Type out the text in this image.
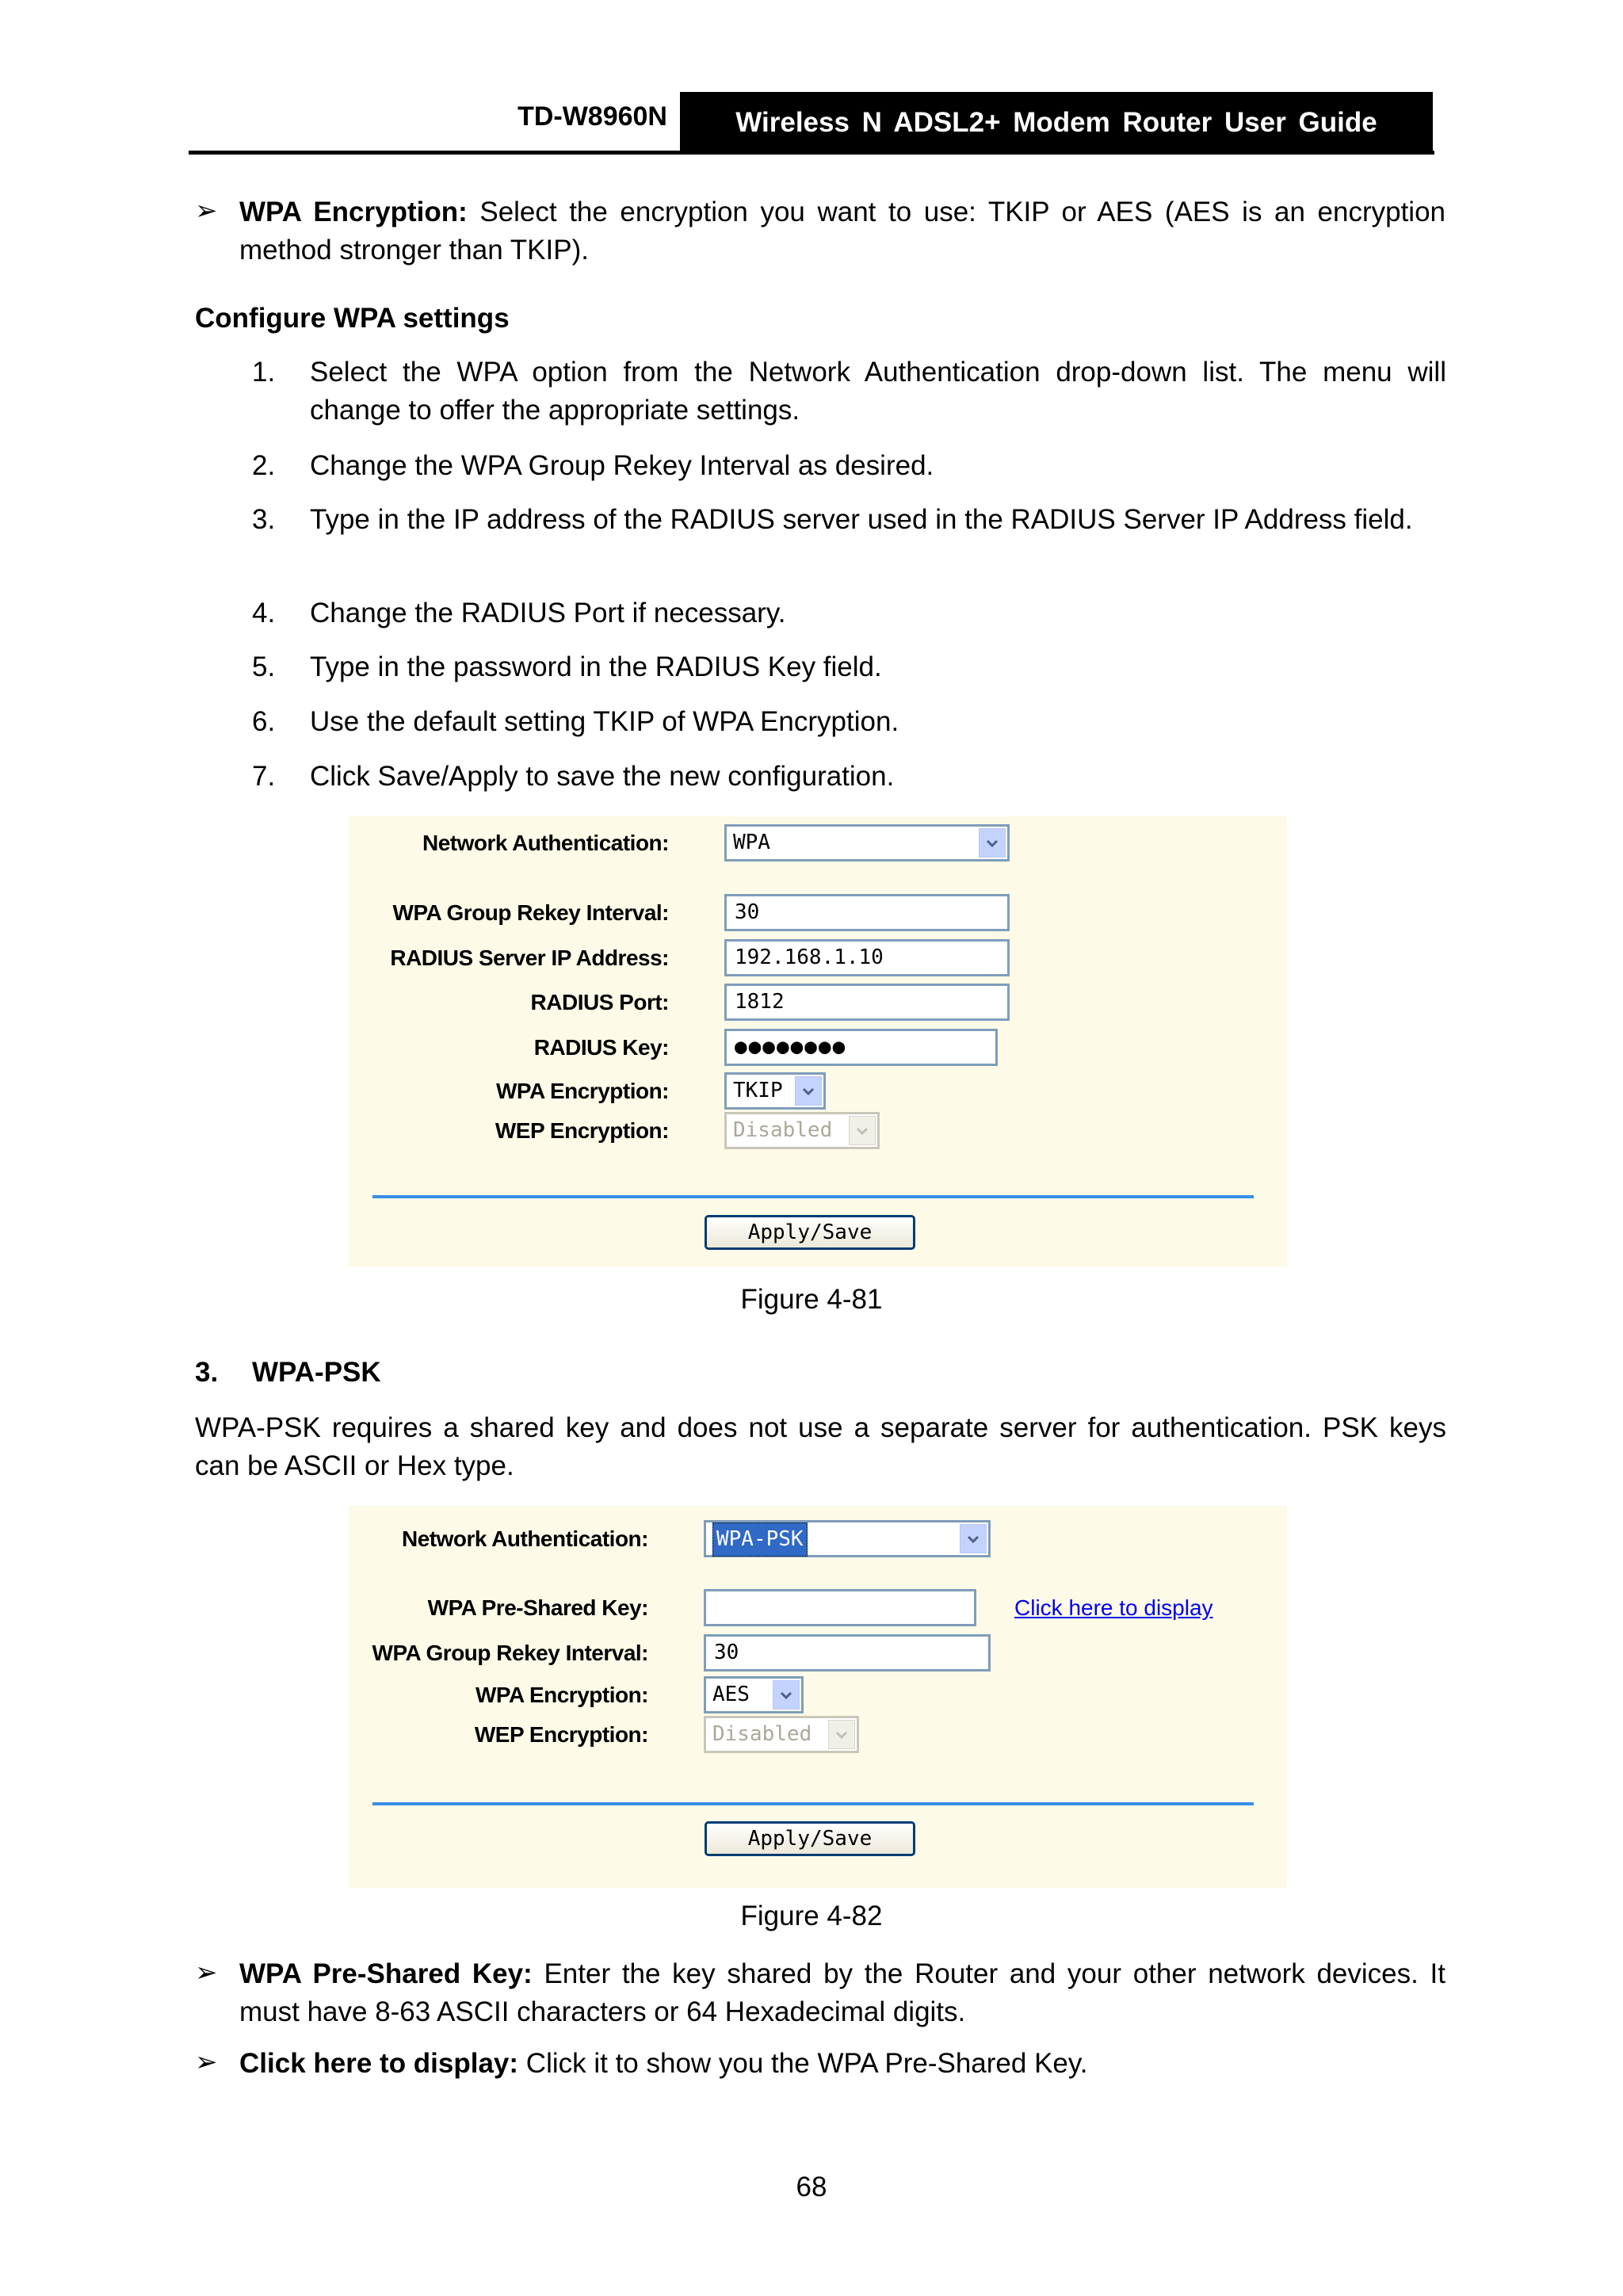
TD-W8960N	Wireless N ADSL2+ Modem Router User Guide
➢ WPA Encryption: Select the encryption you want to use: TKIP or AES (AES is an encryption method stronger than TKIP).
Configure WPA settings
1. Select the WPA option from the Network Authentication drop-down list. The menu will change to offer the appropriate settings.
2. Change the WPA Group Rekey Interval as desired.
3. Type in the IP address of the RADIUS server used in the RADIUS Server IP Address field.
4. Change the RADIUS Port if necessary.
5. Type in the password in the RADIUS Key field.
6. Use the default setting TKIP of WPA Encryption.
7. Click Save/Apply to save the new configuration.
Network Authentication:	WPA
WPA Group Rekey Interval:	30
RADIUS Server IP Address:	192.168.1.10
RADIUS Port:	1812
RADIUS Key:	●●●●●●●●
WPA Encryption:	TKIP
WEP Encryption:	Disabled
Apply/Save
Figure 4-81
3. WPA-PSK
WPA-PSK requires a shared key and does not use a separate server for authentication. PSK keys can be ASCII or Hex type.
Network Authentication:	WPA-PSK
WPA Pre-Shared Key:	Click here to display
WPA Group Rekey Interval:	30
WPA Encryption:	AES
WEP Encryption:	Disabled
Apply/Save
Figure 4-82
➢ WPA Pre-Shared Key: Enter the key shared by the Router and your other network devices. It must have 8-63 ASCII characters or 64 Hexadecimal digits.
➢ Click here to display: Click it to show you the WPA Pre-Shared Key.
68
